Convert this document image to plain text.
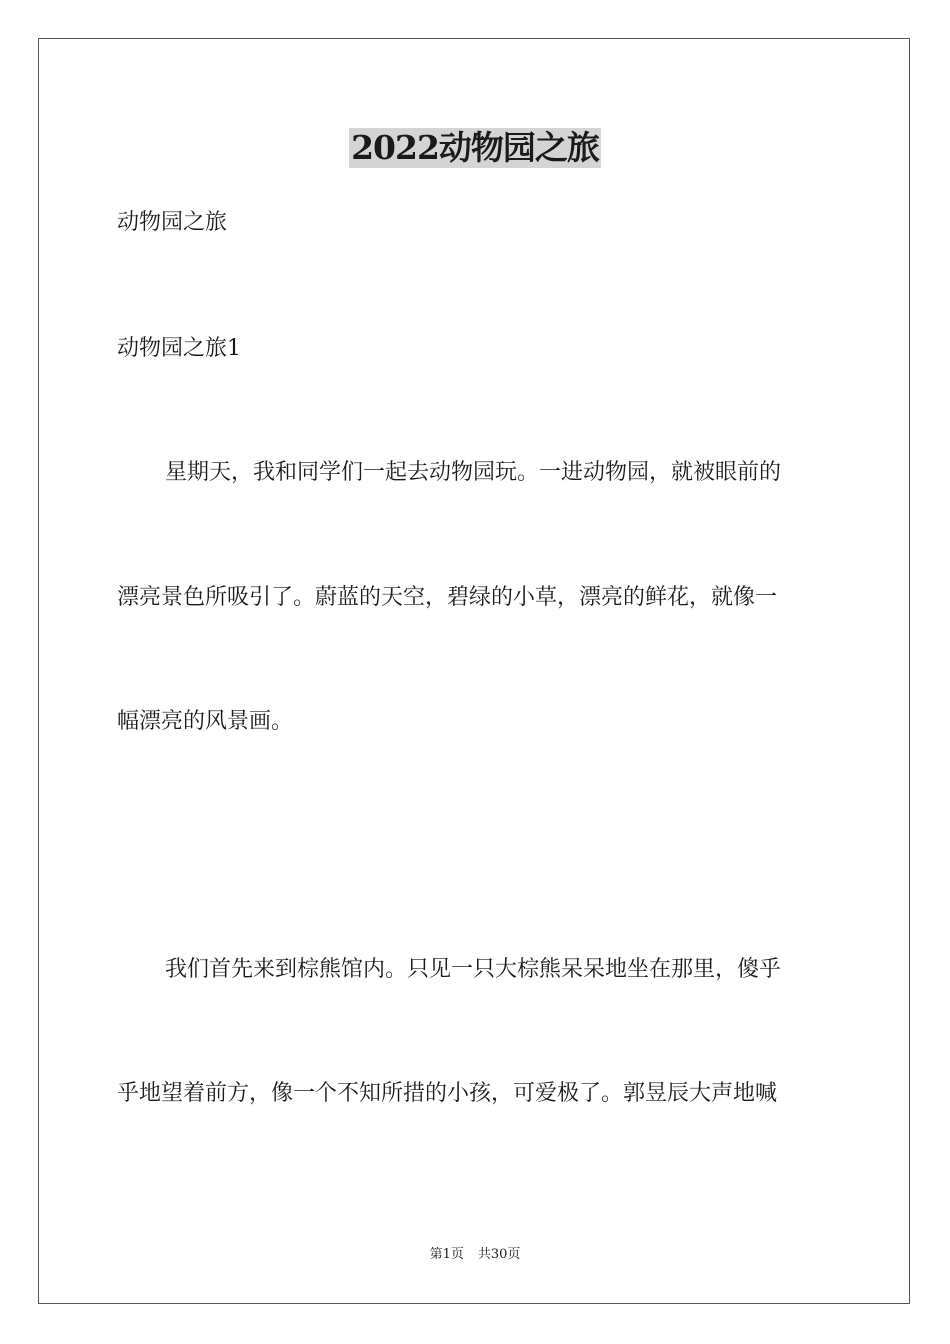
2022动物园之旅

动物园之旅

动物园之旅1

星期天，我和同学们一起去动物园玩。一进动物园，就被眼前的

漂亮景色所吸引了。蔚蓝的天空，碧绿的小草，漂亮的鲜花，就像一

幅漂亮的风景画。

我们首先来到棕熊馆内。只见一只大棕熊呆呆地坐在那里，傻乎

乎地望着前方，像一个不知所措的小孩，可爱极了。郭昱辰大声地喊

第1页 共30页
